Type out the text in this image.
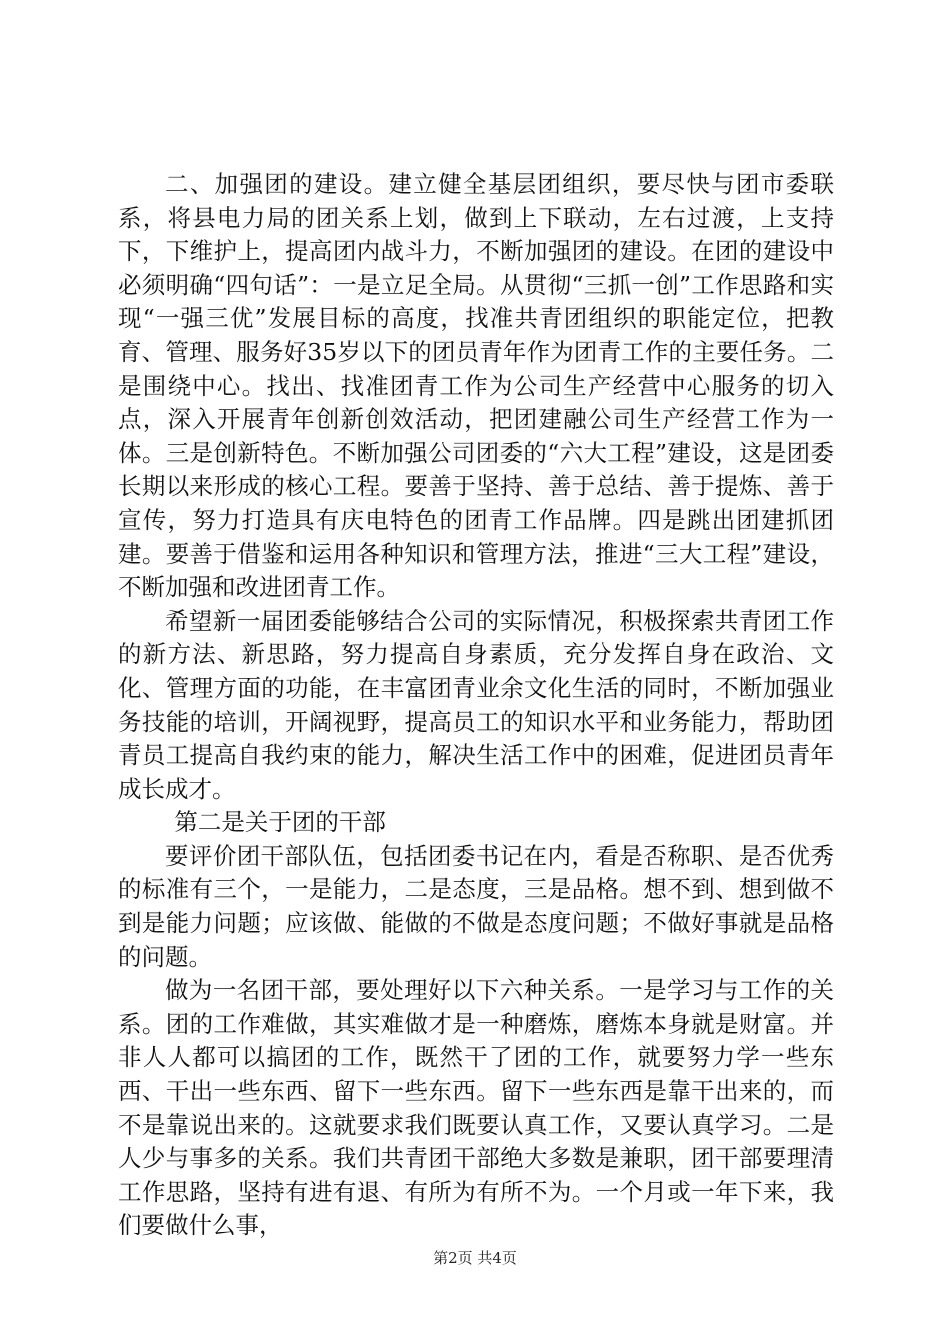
二、加强团的建设。建立健全基层团组织，要尽快与团市委联系，将县电力局的团关系上划，做到上下联动，左右过渡，上支持下，下维护上，提高团内战斗力，不断加强团的建设。在团的建设中必须明确“四句话”：一是立足全局。从贯彻“三抓一创”工作思路和实现“一强三优”发展目标的高度，找准共青团组织的职能定位，把教育、管理、服务好35岁以下的团员青年作为团青工作的主要任务。二是围绕中心。找出、找准团青工作为公司生产经营中心服务的切入点，深入开展青年创新创效活动，把团建融公司生产经营工作为一体。三是创新特色。不断加强公司团委的“六大工程”建设，这是团委长期以来形成的核心工程。要善于坚持、善于总结、善于提炼、善于宣传，努力打造具有庆电特色的团青工作品牌。四是跳出团建抓团建。要善于借鉴和运用各种知识和管理方法，推进“三大工程”建设，不断加强和改进团青工作。

希望新一届团委能够结合公司的实际情况，积极探索共青团工作的新方法、新思路，努力提高自身素质，充分发挥自身在政治、文化、管理方面的功能，在丰富团青业余文化生活的同时，不断加强业务技能的培训，开阔视野，提高员工的知识水平和业务能力，帮助团青员工提高自我约束的能力，解决生活工作中的困难，促进团员青年成长成才。

第二是关于团的干部

要评价团干部队伍，包括团委书记在内，看是否称职、是否优秀的标准有三个，一是能力，二是态度，三是品格。想不到、想到做不到是能力问题；应该做、能做的不做是态度问题；不做好事就是品格的问题。

做为一名团干部，要处理好以下六种关系。一是学习与工作的关系。团的工作难做，其实难做才是一种磨炼，磨炼本身就是财富。并非人人都可以搞团的工作，既然干了团的工作，就要努力学一些东西、干出一些东西、留下一些东西。留下一些东西是靠干出来的，而不是靠说出来的。这就要求我们既要认真工作，又要认真学习。二是人少与事多的关系。我们共青团干部绝大多数是兼职，团干部要理清工作思路，坚持有进有退、有所为有所不为。一个月或一年下来，我们要做什么事，

第2页 共4页
